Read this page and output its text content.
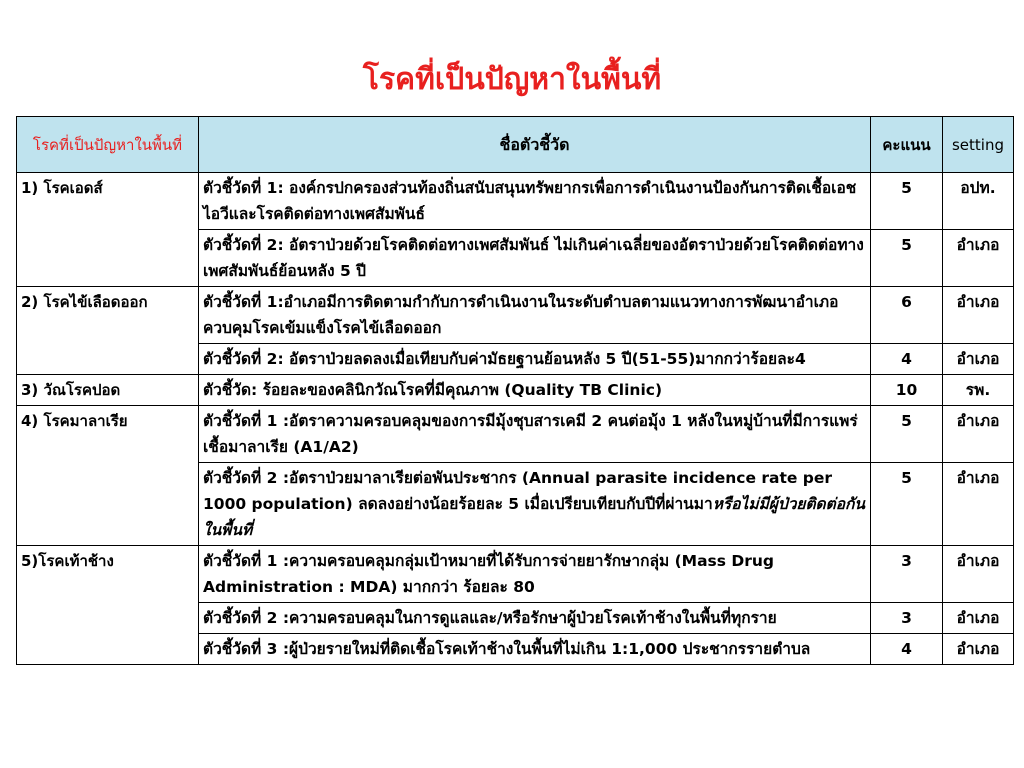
โรคที่เป็นปัญหาในพื้นที่
โรคที่เป็นปัญหาในพื้นที่	ชื่อตัวชี้วัด	คะแนน	setting
1) โรคเอดส์	ตัวชี้วัดที่ 1: องค์กรปกครองส่วนท้องถิ่นสนับสนุนทรัพยากรเพื่อการดำเนินงานป้องกันการติดเชื้อเอชไอวีและโรคติดต่อทางเพศสัมพันธ์	5	อปท.
	ตัวชี้วัดที่ 2: อัตราป่วยด้วยโรคติดต่อทางเพศสัมพันธ์ ไม่เกินค่าเฉลี่ยของอัตราป่วยด้วยโรคติดต่อทางเพศสัมพันธ์ย้อนหลัง 5 ปี	5	อำเภอ
2) โรคไข้เลือดออก	ตัวชี้วัดที่ 1:อำเภอมีการติดตามกำกับการดำเนินงานในระดับตำบลตามแนวทางการพัฒนาอำเภอควบคุมโรคเข้มแข็งโรคไข้เลือดออก	6	อำเภอ
	ตัวชี้วัดที่ 2: อัตราป่วยลดลงเมื่อเทียบกับค่ามัธยฐานย้อนหลัง 5 ปี(51-55)มากกว่าร้อยละ4	4	อำเภอ
3) วัณโรคปอด	ตัวชี้วัด: ร้อยละของคลินิกวัณโรคที่มีคุณภาพ (Quality TB Clinic)	10	รพ.
4) โรคมาลาเรีย	ตัวชี้วัดที่ 1 :อัตราความครอบคลุมของการมีมุ้งชุบสารเคมี 2 คนต่อมุ้ง 1 หลังในหมู่บ้านที่มีการแพร่เชื้อมาลาเรีย (A1/A2)	5	อำเภอ
	ตัวชี้วัดที่ 2 :อัตราป่วยมาลาเรียต่อพันประชากร (Annual parasite incidence rate per 1000 population) ลดลงอย่างน้อยร้อยละ 5 เมื่อเปรียบเทียบกับปีที่ผ่านมาหรือไม่มีผู้ป่วยติดต่อกันในพื้นที่	5	อำเภอ
5)โรคเท้าช้าง	ตัวชี้วัดที่ 1 :ความครอบคลุมกลุ่มเป้าหมายที่ได้รับการจ่ายยารักษากลุ่ม (Mass Drug Administration : MDA) มากกว่า ร้อยละ 80	3	อำเภอ
	ตัวชี้วัดที่ 2 :ความครอบคลุมในการดูแลและ/หรือรักษาผู้ป่วยโรคเท้าช้างในพื้นที่ทุกราย	3	อำเภอ
	ตัวชี้วัดที่ 3 :ผู้ป่วยรายใหม่ที่ติดเชื้อโรคเท้าช้างในพื้นที่ไม่เกิน 1:1,000 ประชากรรายตำบล	4	อำเภอ
